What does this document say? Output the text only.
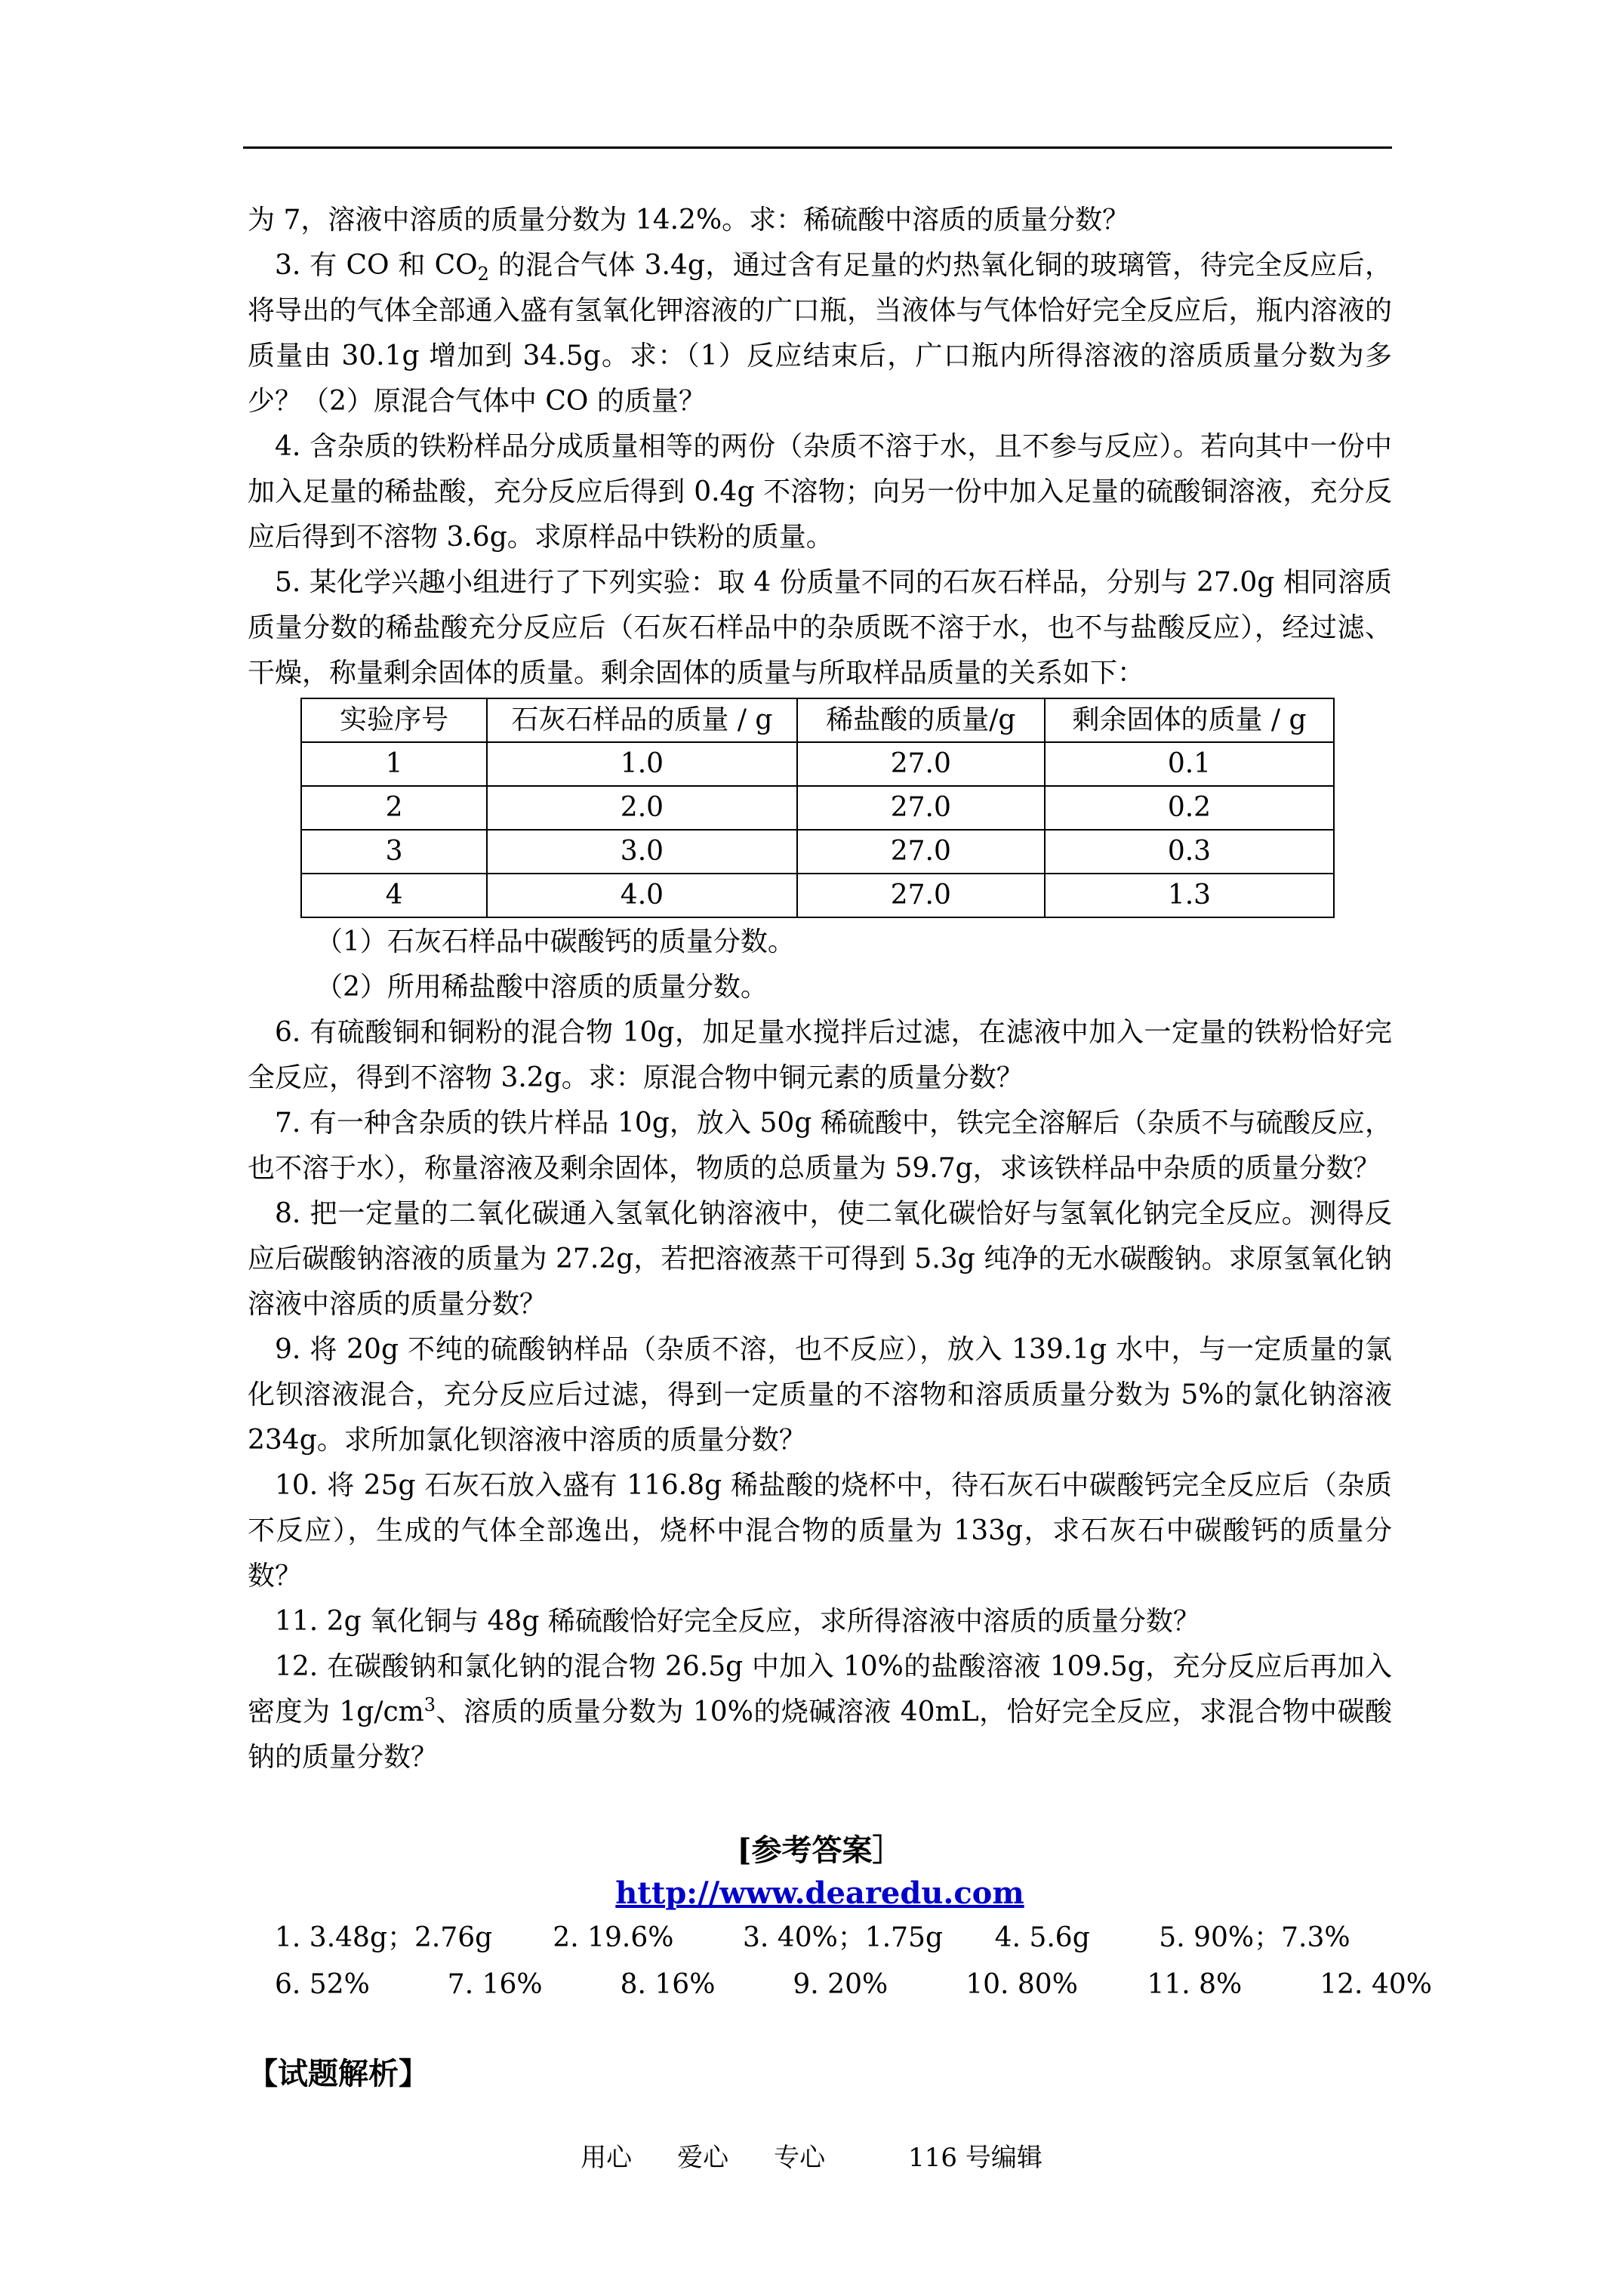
为 7，溶液中溶质的质量分数为 14.2%。求：稀硫酸中溶质的质量分数？

3. 有 CO 和 $CO_2$ 的混合气体 3.4g，通过含有足量的灼热氧化铜的玻璃管，待完全反应后，将导出的气体全部通入盛有氢氧化钾溶液的广口瓶，当液体与气体恰好完全反应后，瓶内溶液的质量由 30.1g 增加到 34.5g。求：（1）反应结束后，广口瓶内所得溶液的溶质质量分数为多少？（2）原混合气体中 CO 的质量？

4. 含杂质的铁粉样品分成质量相等的两份（杂质不溶于水，且不参与反应）。若向其中一份中加入足量的稀盐酸，充分反应后得到 0.4g 不溶物；向另一份中加入足量的硫酸铜溶液，充分反应后得到不溶物 3.6g。求原样品中铁粉的质量。

5. 某化学兴趣小组进行了下列实验：取 4 份质量不同的石灰石样品，分别与 27.0g 相同溶质质量分数的稀盐酸充分反应后（石灰石样品中的杂质既不溶于水，也不与盐酸反应），经过滤、干燥，称量剩余固体的质量。剩余固体的质量与所取样品质量的关系如下：

实验序号	石灰石样品的质量 / g	稀盐酸的质量/g	剩余固体的质量 / g
1	1.0	27.0	0.1
2	2.0	27.0	0.2
3	3.0	27.0	0.3
4	4.0	27.0	1.3

（1）石灰石样品中碳酸钙的质量分数。

（2）所用稀盐酸中溶质的质量分数。

6. 有硫酸铜和铜粉的混合物 10g，加足量水搅拌后过滤，在滤液中加入一定量的铁粉恰好完全反应，得到不溶物 3.2g。求：原混合物中铜元素的质量分数？

7. 有一种含杂质的铁片样品 10g，放入 50g 稀硫酸中，铁完全溶解后（杂质不与硫酸反应，也不溶于水），称量溶液及剩余固体，物质的总质量为 59.7g，求该铁样品中杂质的质量分数？

8. 把一定量的二氧化碳通入氢氧化钠溶液中，使二氧化碳恰好与氢氧化钠完全反应。测得反应后碳酸钠溶液的质量为 27.2g，若把溶液蒸干可得到 5.3g 纯净的无水碳酸钠。求原氢氧化钠溶液中溶质的质量分数？

9. 将 20g 不纯的硫酸钠样品（杂质不溶，也不反应），放入 139.1g 水中，与一定质量的氯化钡溶液混合，充分反应后过滤，得到一定质量的不溶物和溶质质量分数为 5%的氯化钠溶液 234g。求所加氯化钡溶液中溶质的质量分数？

10. 将 25g 石灰石放入盛有 116.8g 稀盐酸的烧杯中，待石灰石中碳酸钙完全反应后（杂质不反应），生成的气体全部逸出，烧杯中混合物的质量为 133g，求石灰石中碳酸钙的质量分数？

11. 2g 氧化铜与 48g 稀硫酸恰好完全反应，求所得溶液中溶质的质量分数？

12. 在碳酸钠和氯化钠的混合物 26.5g 中加入 10%的盐酸溶液 109.5g，充分反应后再加入密度为 $1g/cm^3$、溶质的质量分数为 10%的烧碱溶液 40mL，恰好完全反应，求混合物中碳酸钠的质量分数？

[参考答案］
http://www.dearedu.com
1. 3.48g；2.76g       2. 19.6%        3. 40%；1.75g      4. 5.6g        5. 90%；7.3%
6. 52%         7. 16%         8. 16%         9. 20%         10. 80%        11. 8%         12. 40%
【试题解析】
用心 爱心 专心	116 号编辑
